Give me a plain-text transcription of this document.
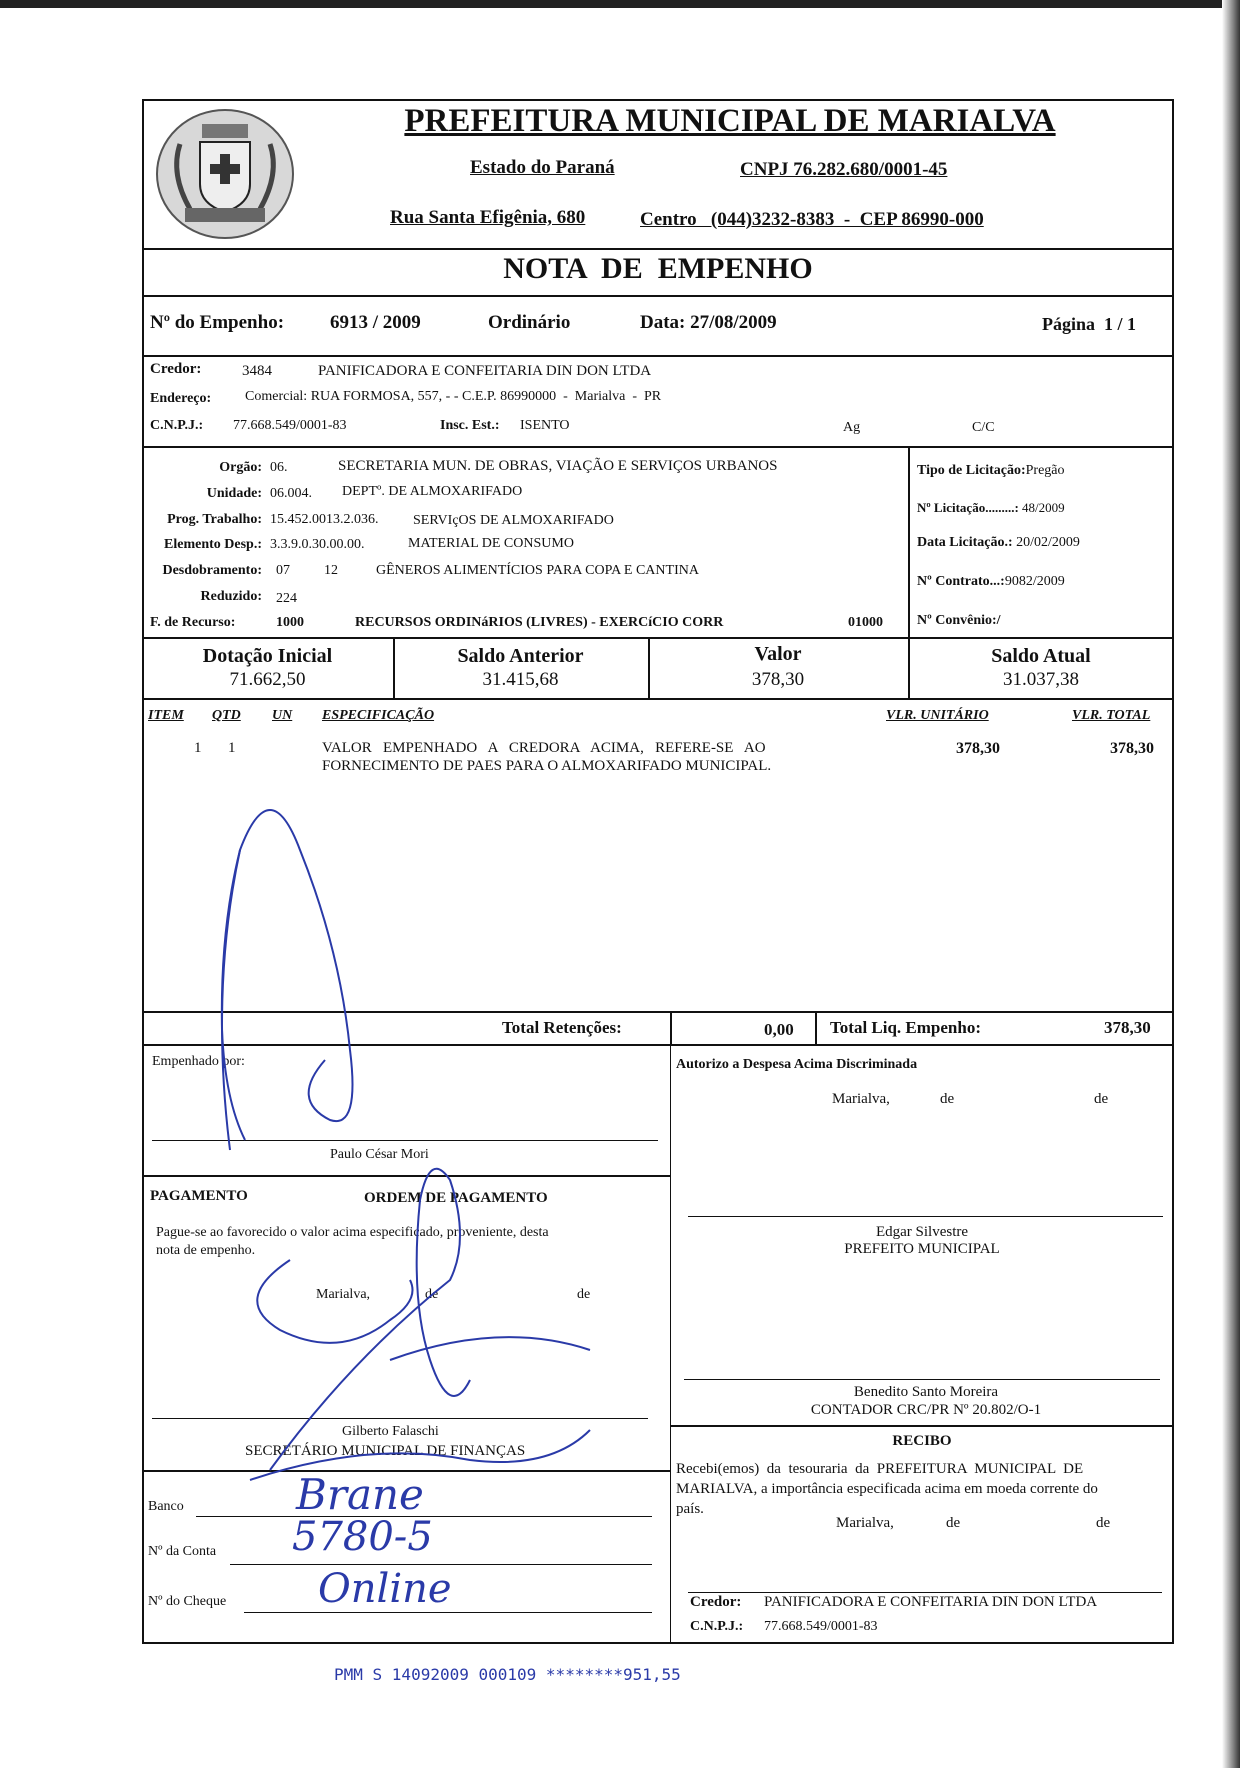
PREFEITURA MUNICIPAL DE MARIALVA
Estado do Paraná	CNPJ 76.282.680/0001-45
Rua Santa Efigênia, 680	Centro   (044)3232-8383  -  CEP 86990-000
NOTA  DE  EMPENHO
Nº do Empenho: 6913 / 2009	Ordinário	Data: 27/08/2009	Página  1 / 1
Credor:	3484	PANIFICADORA E CONFEITARIA DIN DON LTDA
Endereço: Comercial: RUA FORMOSA, 557, - - C.E.P. 86990000  -  Marialva  -  PR
C.N.P.J.: 77.668.549/0001-83	Insc. Est.: ISENTO	Ag	C/C
Orgão: 06.	SECRETARIA MUN. DE OBRAS, VIAÇÃO E SERVIÇOS URBANOS
Unidade: 06.004. DEPTº. DE ALMOXARIFADO
Prog. Trabalho: 15.452.0013.2.036. SERVIçOS DE ALMOXARIFADO
Elemento Desp.: 3.3.9.0.30.00.00.	MATERIAL DE CONSUMO
Desdobramento: 07 12	GÊNEROS ALIMENTÍCIOS PARA COPA E CANTINA
Reduzido: 224
F. de Recurso:	1000	RECURSOS ORDINáRIOS (LIVRES) - EXERCíCIO CORR	01000
Tipo de Licitação:Pregão
Nº Licitação.........: 48/2009
Data Licitação.: 20/02/2009
Nº Contrato...:9082/2009
Nº Convênio:/
Dotação Inicial
71.662,50
Saldo Anterior
31.415,68
Valor
378,30
Saldo Atual
31.037,38
ITEM QTD UN ESPECIFICAÇÃO	VLR. UNITÁRIO	VLR. TOTAL
1 1	VALOR   EMPENHADO   A   CREDORA   ACIMA,   REFERE-SE   AO
FORNECIMENTO DE PAES PARA O ALMOXARIFADO MUNICIPAL.
378,30	378,30
Total Retenções:	0,00 Total Liq. Empenho:	378,30
Empenhado por:
Paulo César Mori
Autorizo a Despesa Acima Discriminada
Marialva,	de	de
Edgar Silvestre
PREFEITO MUNICIPAL
PAGAMENTO	ORDEM DE PAGAMENTO
Pague-se ao favorecido o valor acima especificado, proveniente, desta
nota de empenho.
Marialva,	de	de
Gilberto Falaschi
SECRETÁRIO MUNICIPAL DE FINANÇAS
Banco	Brane
Nº da Conta 5780-5
Nº do Cheque Online
Benedito Santo Moreira
CONTADOR CRC/PR Nº 20.802/O-1
RECIBO
Recebi(emos)  da  tesouraria  da  PREFEITURA  MUNICIPAL  DE
MARIALVA, a importância especificada acima em moeda corrente do
país.
Marialva,	de	de
Credor: PANIFICADORA E CONFEITARIA DIN DON LTDA
C.N.P.J.: 77.668.549/0001-83
PMM S 14092009 000109 ********951,55
